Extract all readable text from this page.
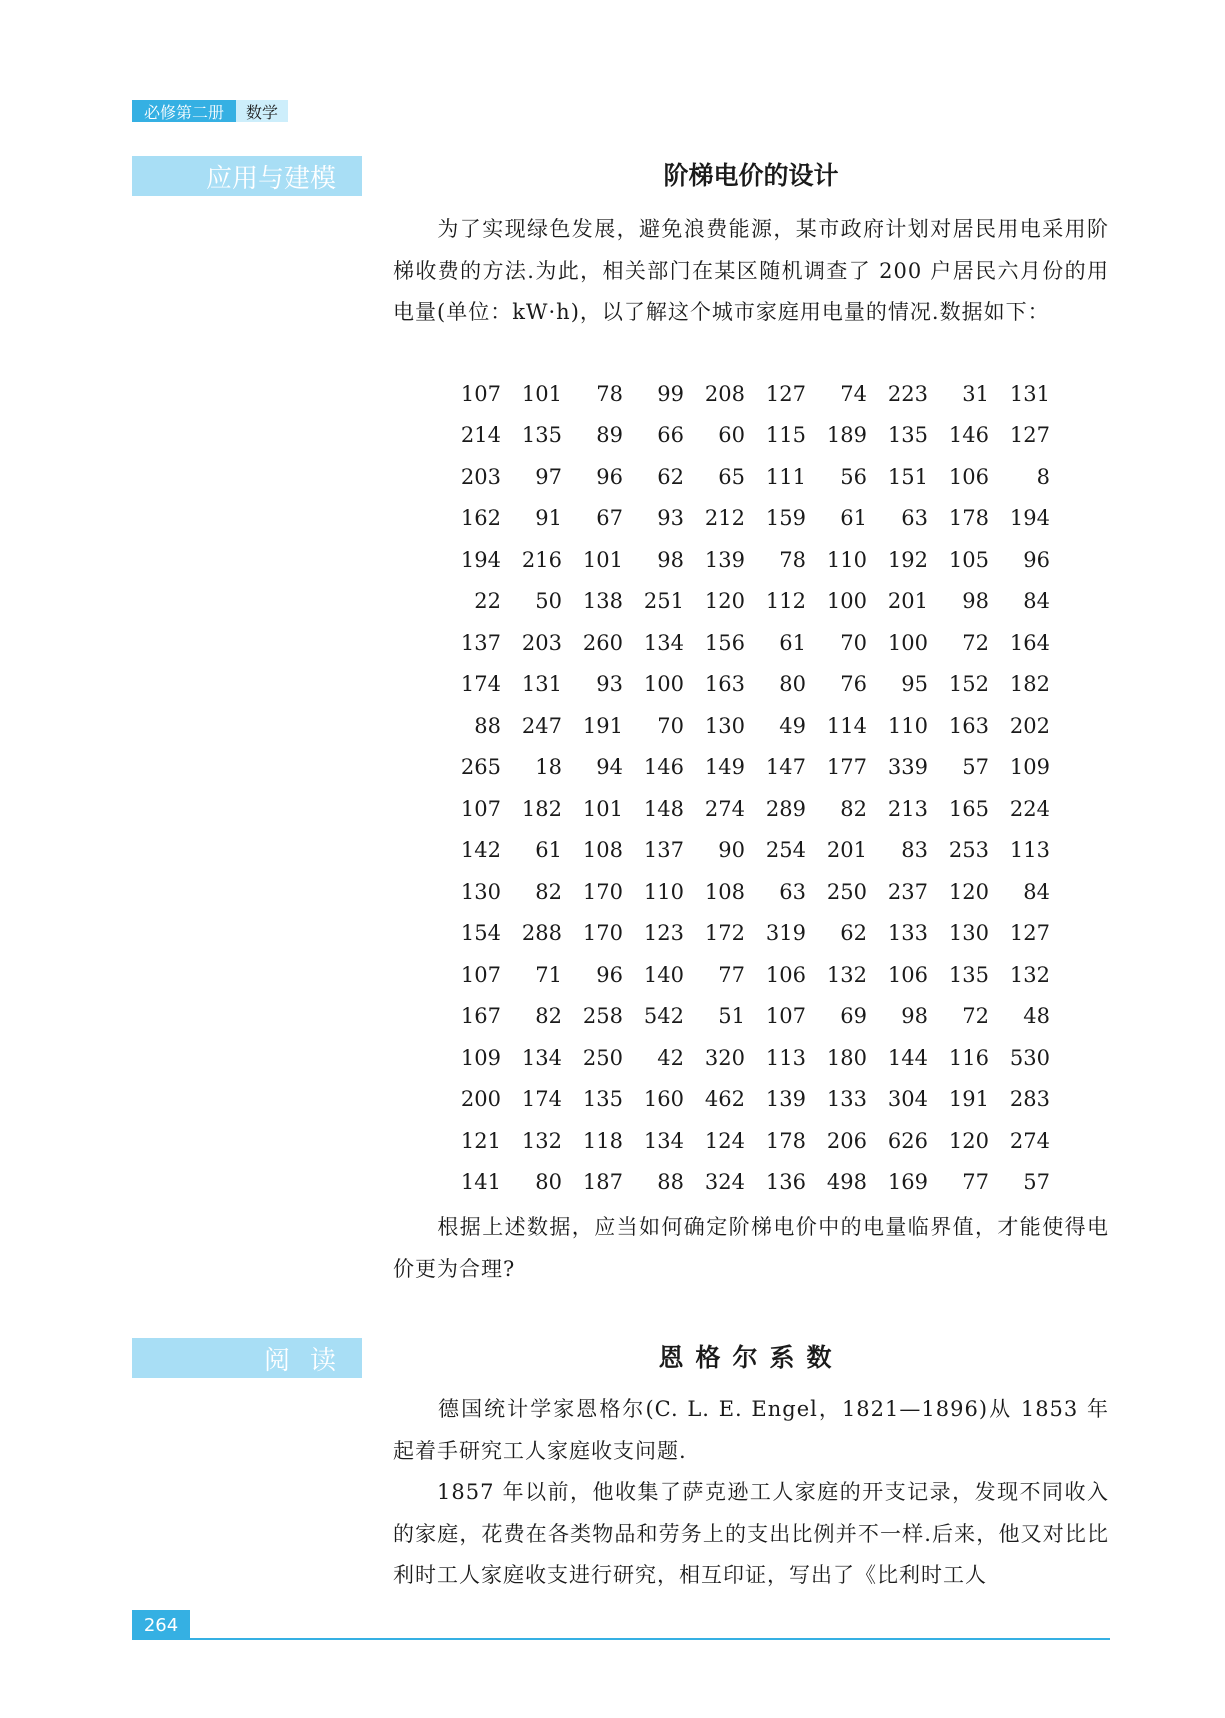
必修第二册	数学
应用与建模	阶梯电价的设计

为了实现绿色发展，避免浪费能源，某市政府计划对居民用电采用阶梯收费的方法.为此，相关部门在某区随机调查了 200 户居民六月份的用电量(单位：kW·h)，以了解这个城市家庭用电量的情况.数据如下：

107	101	78	99	208	127	74	223	31	131
214	135	89	66	60	115	189	135	146	127
203	97	96	62	65	111	56	151	106	8
162	91	67	93	212	159	61	63	178	194
194	216	101	98	139	78	110	192	105	96
22	50	138	251	120	112	100	201	98	84
137	203	260	134	156	61	70	100	72	164
174	131	93	100	163	80	76	95	152	182
88	247	191	70	130	49	114	110	163	202
265	18	94	146	149	147	177	339	57	109
107	182	101	148	274	289	82	213	165	224
142	61	108	137	90	254	201	83	253	113
130	82	170	110	108	63	250	237	120	84
154	288	170	123	172	319	62	133	130	127
107	71	96	140	77	106	132	106	135	132
167	82	258	542	51	107	69	98	72	48
109	134	250	42	320	113	180	144	116	530
200	174	135	160	462	139	133	304	191	283
121	132	118	134	124	178	206	626	120	274
141	80	187	88	324	136	498	169	77	57

根据上述数据，应当如何确定阶梯电价中的电量临界值，才能使得电价更为合理?

阅读	恩格尔系数

德国统计学家恩格尔(C. L. E. Engel，1821—1896)从 1853 年起着手研究工人家庭收支问题.

1857 年以前，他收集了萨克逊工人家庭的开支记录，发现不同收入的家庭，花费在各类物品和劳务上的支出比例并不一样.后来，他又对比比利时工人家庭收支进行研究，相互印证，写出了《比利时工人

264
